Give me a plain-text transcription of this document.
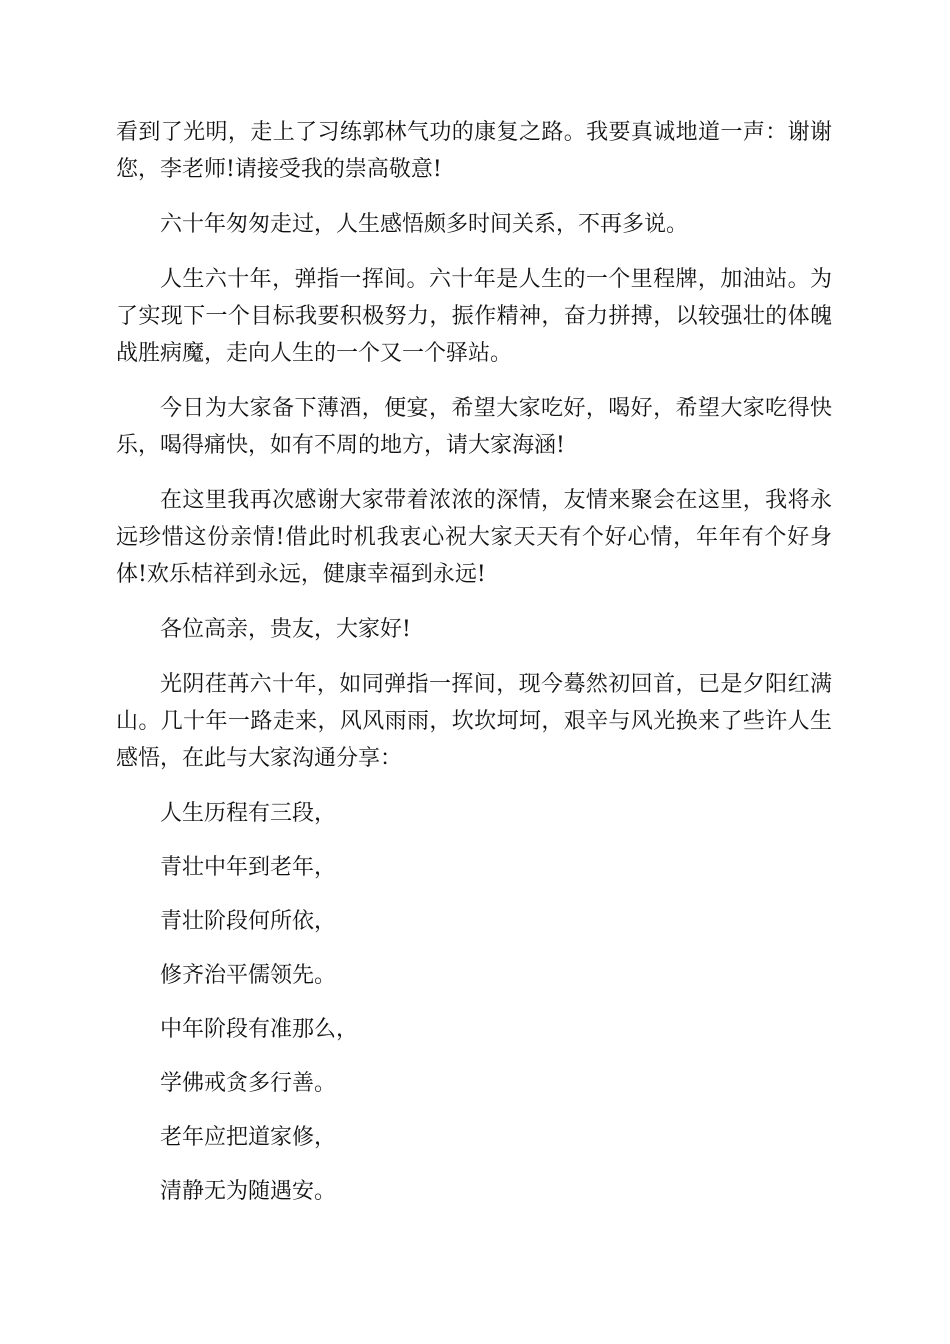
看到了光明，走上了习练郭林气功的康复之路。我要真诚地道一声：谢谢您，李老师!请接受我的崇高敬意!

六十年匆匆走过，人生感悟颇多时间关系，不再多说。

人生六十年，弹指一挥间。六十年是人生的一个里程牌，加油站。为了实现下一个目标我要积极努力，振作精神，奋力拼搏，以较强壮的体魄战胜病魔，走向人生的一个又一个驿站。

今日为大家备下薄酒，便宴，希望大家吃好，喝好，希望大家吃得快乐，喝得痛快，如有不周的地方，请大家海涵!

在这里我再次感谢大家带着浓浓的深情，友情来聚会在这里，我将永远珍惜这份亲情!借此时机我衷心祝大家天天有个好心情，年年有个好身体!欢乐桔祥到永远，健康幸福到永远!

各位高亲，贵友，大家好!

光阴荏苒六十年，如同弹指一挥间，现今蓦然初回首，已是夕阳红满山。几十年一路走来，风风雨雨，坎坎坷坷，艰辛与风光换来了些许人生感悟，在此与大家沟通分享：

人生历程有三段，

青壮中年到老年，

青壮阶段何所依，

修齐治平儒领先。

中年阶段有准那么，

学佛戒贪多行善。

老年应把道家修，

清静无为随遇安。
